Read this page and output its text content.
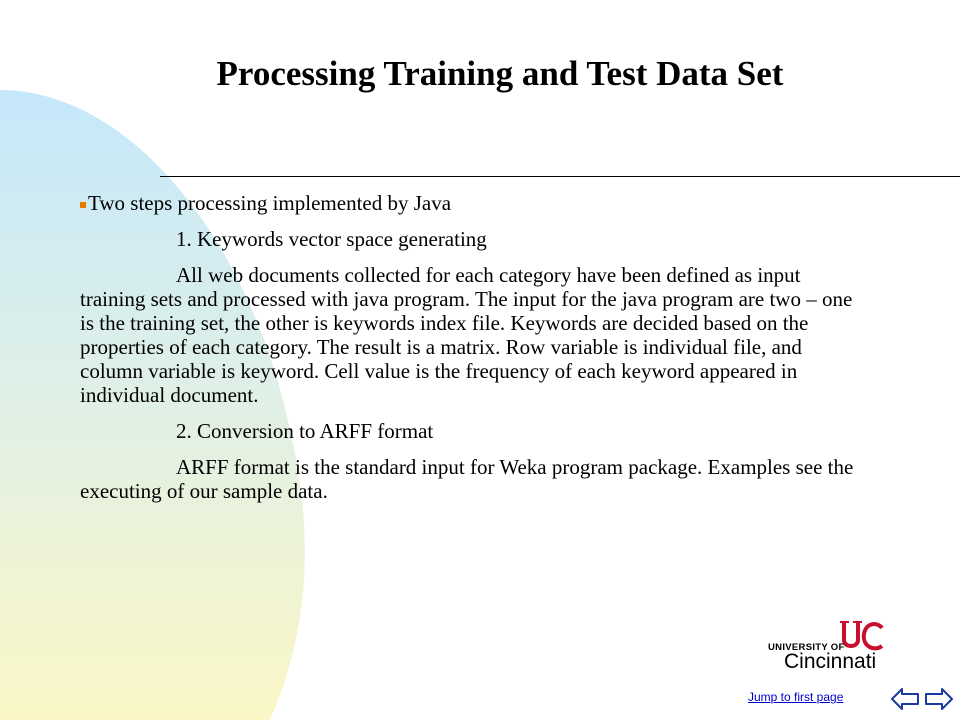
Processing Training and Test Data Set

Two steps processing implemented by Java

1. Keywords vector space generating

All web documents collected for each category have been defined as input training sets and processed with java program. The input for the java program are two – one is the training set, the other is keywords index file. Keywords are decided based on the properties of each category. The result is a matrix. Row variable is individual file, and column variable is keyword. Cell value is the frequency of each keyword appeared in individual document.

2. Conversion to ARFF format

ARFF format is the standard input for Weka program package. Examples see the executing of our sample data.

UNIVERSITY OF
Cincinnati
Jump to first page
